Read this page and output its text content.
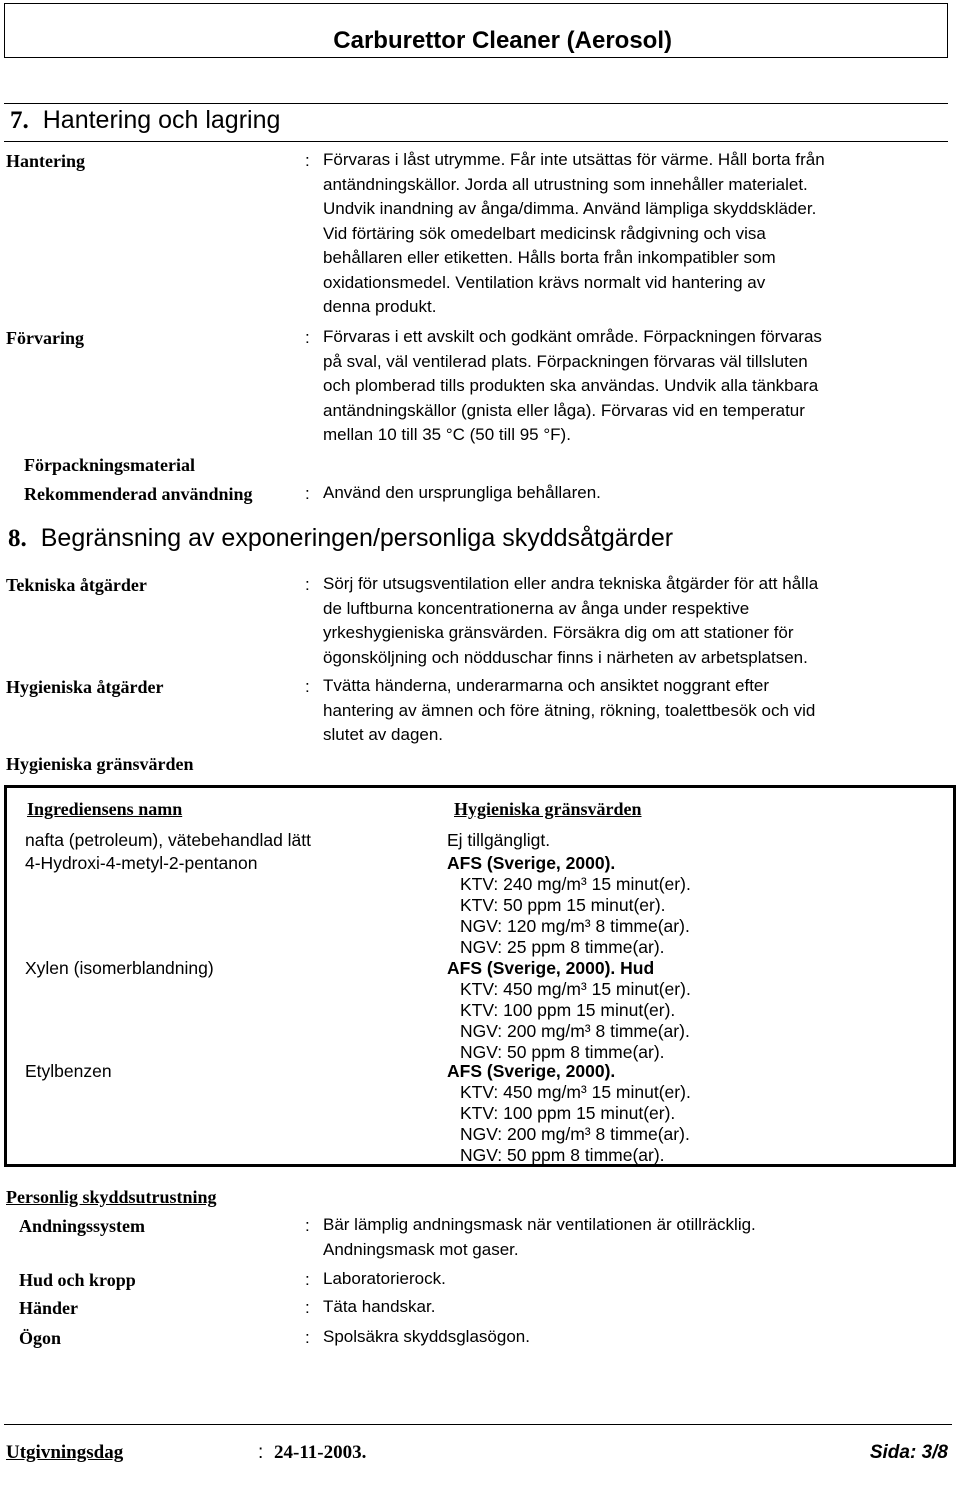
Carburettor Cleaner (Aerosol)
7. Hantering och lagring
Hantering	: Förvaras i låst utrymme. Får inte utsättas för värme. Håll borta från

antändningskällor. Jorda all utrustning som innehåller materialet.

Undvik inandning av ånga/dimma. Använd lämpliga skyddskläder.

Vid förtäring sök omedelbart medicinsk rådgivning och visa

behållaren eller etiketten. Hålls borta från inkompatibler som

oxidationsmedel. Ventilation krävs normalt vid hantering av

denna produkt.

Förvaring	: Förvaras i ett avskilt och godkänt område. Förpackningen förvaras

på sval, väl ventilerad plats. Förpackningen förvaras väl tillsluten

och plomberad tills produkten ska användas. Undvik alla tänkbara

antändningskällor (gnista eller låga). Förvaras vid en temperatur

mellan 10 till 35 °C (50 till 95 °F).

Förpackningsmaterial
Rekommenderad användning	: Använd den ursprungliga behållaren.
8. Begränsning av exponeringen/personliga skyddsåtgärder
Tekniska åtgärder	: Sörj för utsugsventilation eller andra tekniska åtgärder för att hålla

de luftburna koncentrationerna av ånga under respektive

yrkeshygieniska gränsvärden. Försäkra dig om att stationer för

ögonsköljning och nödduschar finns i närheten av arbetsplatsen.

Hygieniska åtgärder	: Tvätta händerna, underarmarna och ansiktet noggrant efter

hantering av ämnen och före ätning, rökning, toalettbesök och vid

slutet av dagen.

Hygieniska gränsvärden
Ingrediensens namn	Hygieniska gränsvärden
nafta (petroleum), vätebehandlad lätt	Ej tillgängligt.
4-Hydroxi-4-metyl-2-pentanon	AFS (Sverige, 2000).
KTV: 240 mg/m³ 15 minut(er).
KTV: 50 ppm 15 minut(er).
NGV: 120 mg/m³ 8 timme(ar).
NGV: 25 ppm 8 timme(ar).
Xylen (isomerblandning)	AFS (Sverige, 2000). Hud
KTV: 450 mg/m³ 15 minut(er).
KTV: 100 ppm 15 minut(er).
NGV: 200 mg/m³ 8 timme(ar).
NGV: 50 ppm 8 timme(ar).
Etylbenzen	AFS (Sverige, 2000).
KTV: 450 mg/m³ 15 minut(er).
KTV: 100 ppm 15 minut(er).
NGV: 200 mg/m³ 8 timme(ar).
NGV: 50 ppm 8 timme(ar).
Personlig skyddsutrustning
Andningssystem	: Bär lämplig andningsmask när ventilationen är otillräcklig.

Andningsmask mot gaser.

Hud och kropp	: Laboratorierock.
Händer	: Täta handskar.
Ögon	: Spolsäkra skyddsglasögon.
Utgivningsdag	: 24-11-2003.	Sida: 3/8
